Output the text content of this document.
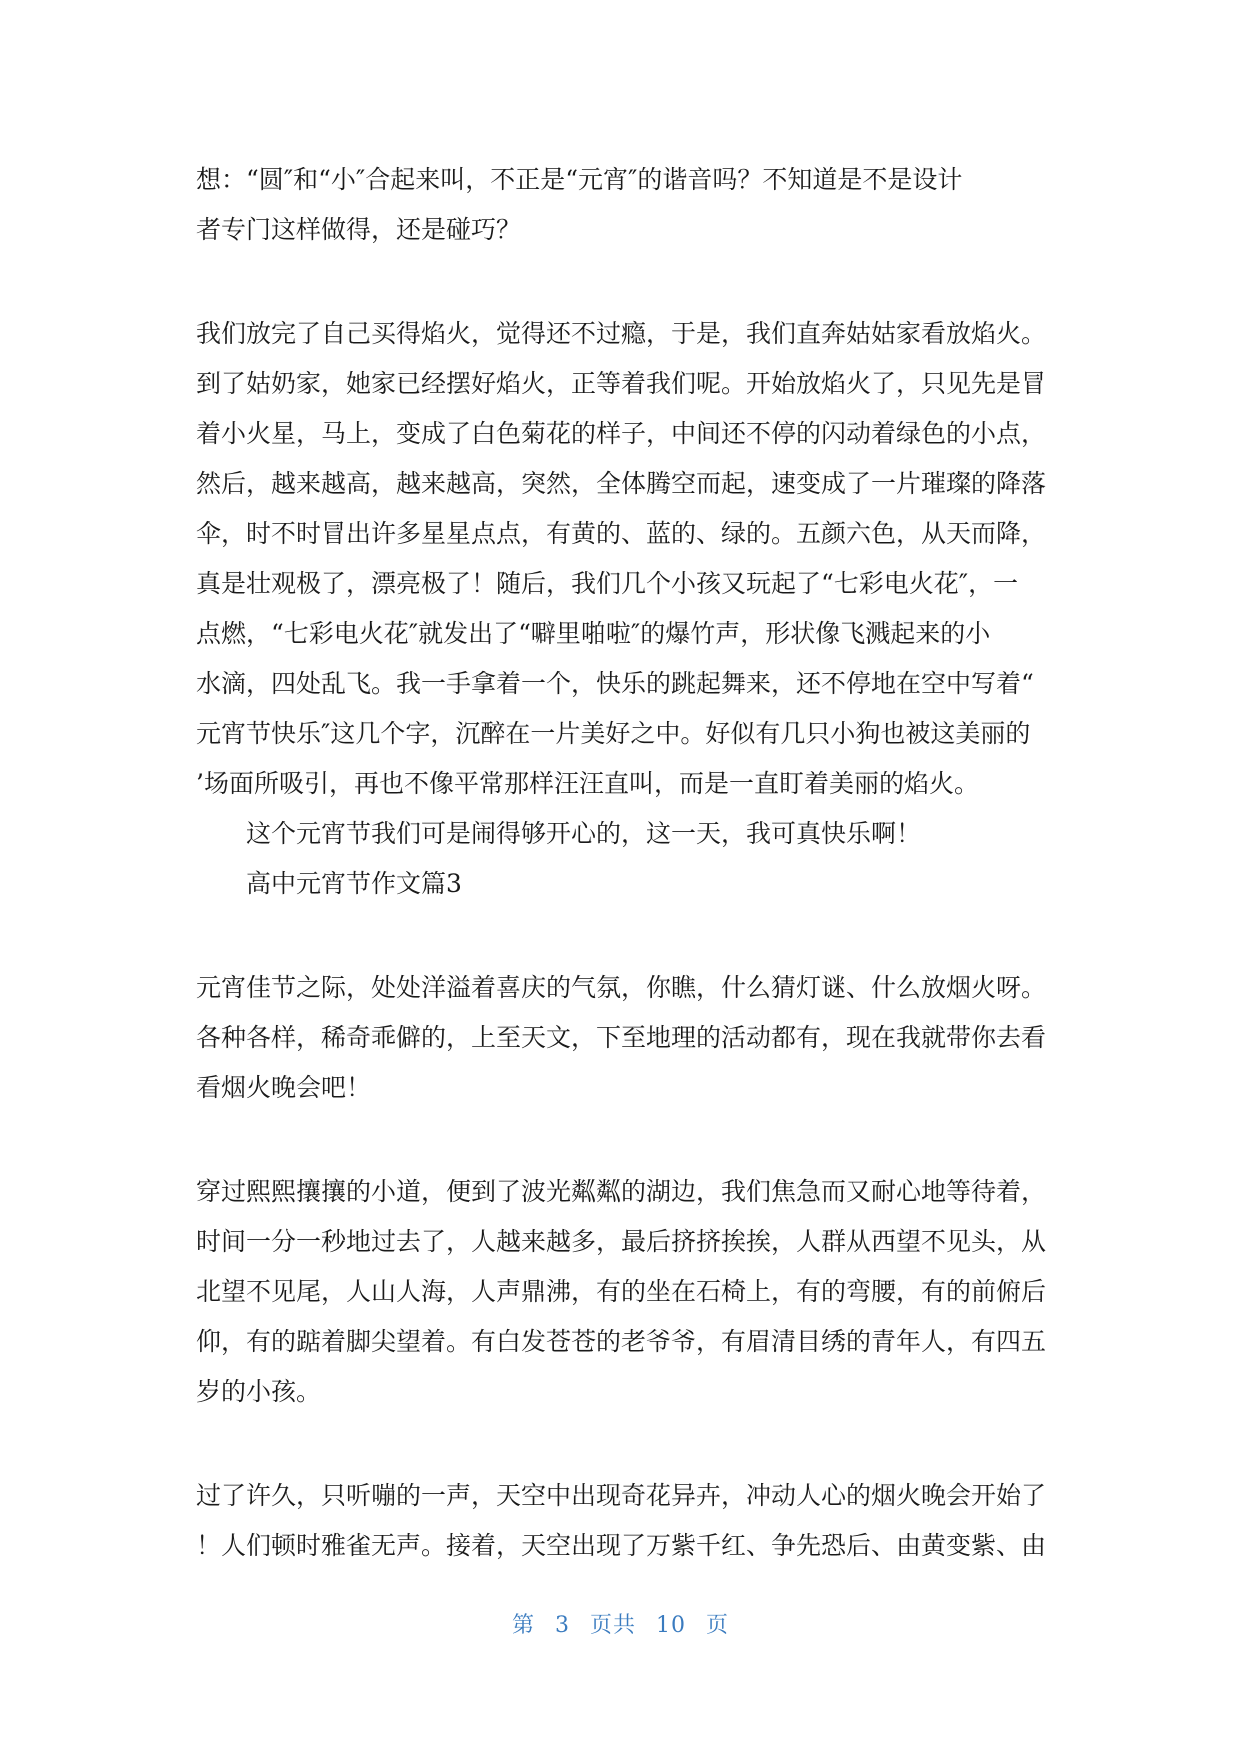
想：“圆″和“小″合起来叫，不正是“元宵″的谐音吗？不知道是不是设计
者专门这样做得，还是碰巧？

我们放完了自己买得焰火，觉得还不过瘾，于是，我们直奔姑姑家看放焰火。
到了姑奶家，她家已经摆好焰火，正等着我们呢。开始放焰火了，只见先是冒
着小火星，马上，变成了白色菊花的样子，中间还不停的闪动着绿色的小点，
然后，越来越高，越来越高，突然，全体腾空而起，速变成了一片璀璨的降落
伞，时不时冒出许多星星点点，有黄的、蓝的、绿的。五颜六色，从天而降，
真是壮观极了，漂亮极了！随后，我们几个小孩又玩起了“七彩电火花″，一
点燃，“七彩电火花″就发出了“噼里啪啦″的爆竹声，形状像飞溅起来的小
水滴，四处乱飞。我一手拿着一个，快乐的跳起舞来，还不停地在空中写着“
元宵节快乐″这几个字，沉醉在一片美好之中。好似有几只小狗也被这美丽的
’场面所吸引，再也不像平常那样汪汪直叫，而是一直盯着美丽的焰火。

这个元宵节我们可是闹得够开心的，这一天，我可真快乐啊！

高中元宵节作文篇3

元宵佳节之际，处处洋溢着喜庆的气氛，你瞧，什么猜灯谜、什么放烟火呀。
各种各样，稀奇乖僻的，上至天文，下至地理的活动都有，现在我就带你去看
看烟火晚会吧！

穿过熙熙攘攘的小道，便到了波光粼粼的湖边，我们焦急而又耐心地等待着，
时间一分一秒地过去了，人越来越多，最后挤挤挨挨，人群从西望不见头，从
北望不见尾，人山人海，人声鼎沸，有的坐在石椅上，有的弯腰，有的前俯后
仰，有的踮着脚尖望着。有白发苍苍的老爷爷，有眉清目绣的青年人，有四五
岁的小孩。

过了许久，只听嘣的一声，天空中出现奇花异卉，冲动人心的烟火晚会开始了
！人们顿时雅雀无声。接着，天空出现了万紫千红、争先恐后、由黄变紫、由

第 3 页共 10 页
